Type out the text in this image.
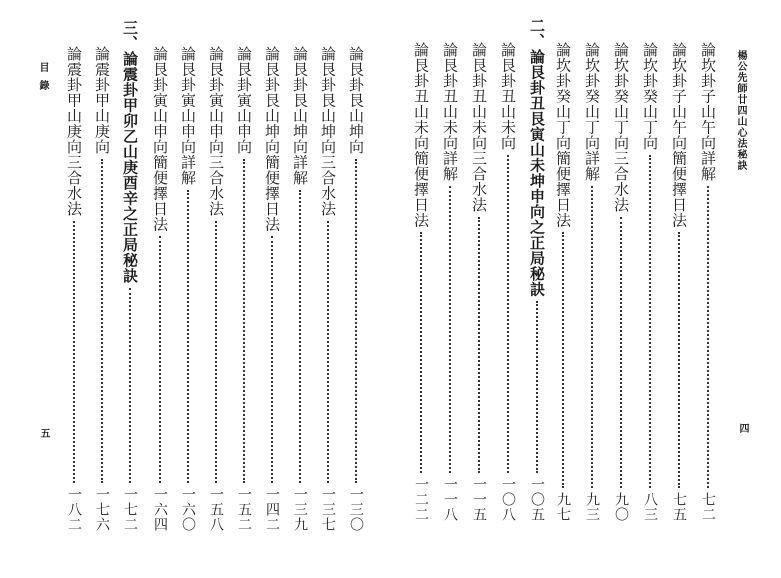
楊公先師廿四山心法秘訣
四
論坎卦子山午向詳解
七二
論坎卦子山午向簡便擇日法
七五
論坎卦癸山丁向
八三
論坎卦癸山丁向三合水法
九〇
論坎卦癸山丁向詳解
九三
論坎卦癸山丁向簡便擇日法
九七
二、
論艮卦丑艮寅山未坤申向之正局秘訣
一〇五
論艮卦丑山未向
一〇八
論艮卦丑山未向三合水法
一一五
論艮卦丑山未向詳解
一一八
論艮卦丑山未向簡便擇日法
一二二
目錄
五
論艮卦艮山坤向
一三〇
論艮卦艮山坤向三合水法
一三七
論艮卦艮山坤向詳解
一三九
論艮卦艮山坤向簡便擇日法
一四二
論艮卦寅山申向
一五二
論艮卦寅山申向三合水法
一五八
論艮卦寅山申向詳解
一六〇
論艮卦寅山申向簡便擇日法
一六四
三、
論震卦甲卯乙山庚酉辛之正局秘訣
一七二
論震卦甲山庚向
一七六
論震卦甲山庚向三合水法
一八二
